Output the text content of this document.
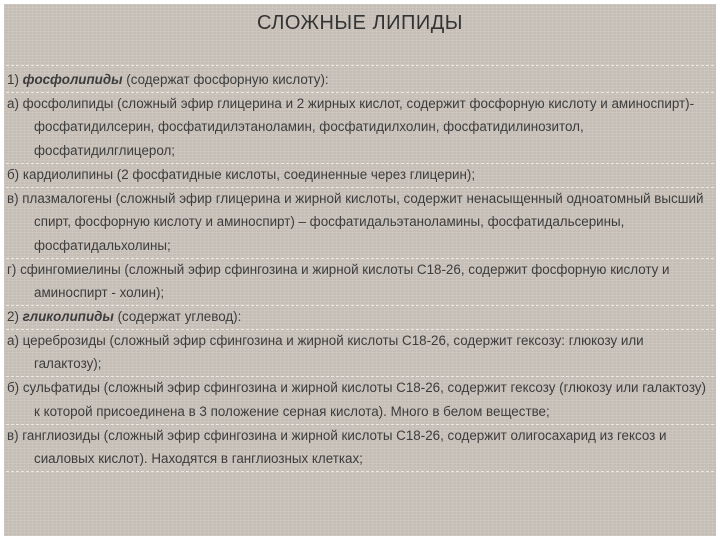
СЛОЖНЫЕ ЛИПИДЫ
1) фосфолипиды (содержат фосфорную кислоту):
а) фосфолипиды (сложный эфир глицерина и 2 жирных кислот, содержит фосфорную кислоту и аминоспирт)- фосфатидилсерин, фосфатидилэтаноламин, фосфатидилхолин, фосфатидилинозитол, фосфатидилглицерол;
б) кардиолипины (2 фосфатидные кислоты, соединенные через глицерин);
в) плазмалогены (сложный эфир глицерина и жирной кислоты, содержит ненасыщенный одноатомный высший спирт, фосфорную кислоту и аминоспирт) – фосфатидальэтаноламины, фосфатидальсерины, фосфатидальхолины;
г) сфингомиелины (сложный эфир сфингозина и жирной кислоты С18-26, содержит фосфорную кислоту и аминоспирт - холин);
2) гликолипиды (содержат углевод):
а) цереброзиды (сложный эфир сфингозина и жирной кислоты С18-26, содержит гексозу: глюкозу или галактозу);
б) сульфатиды (сложный эфир сфингозина и жирной кислоты С18-26, содержит гексозу (глюкозу или галактозу) к которой присоединена в 3 положение серная кислота). Много в белом веществе;
в) ганглиозиды (сложный эфир сфингозина и жирной кислоты С18-26, содержит олигосахарид из гексоз и сиаловых кислот). Находятся в ганглиозных клетках;
